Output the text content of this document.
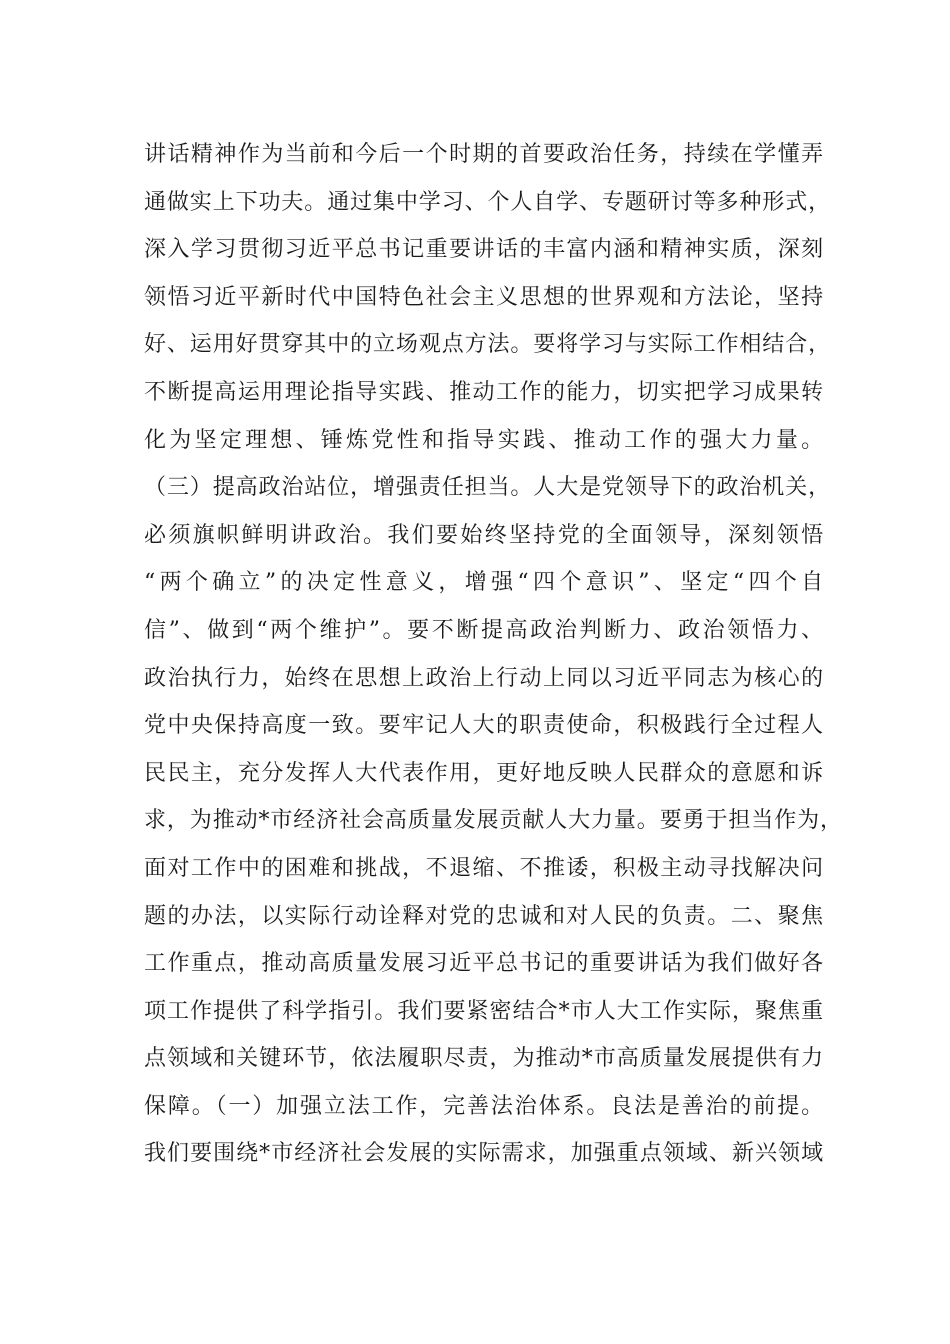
讲话精神作为当前和今后一个时期的首要政治任务，持续在学懂弄
通做实上下功夫。通过集中学习、个人自学、专题研讨等多种形式，
深入学习贯彻习近平总书记重要讲话的丰富内涵和精神实质，深刻
领悟习近平新时代中国特色社会主义思想的世界观和方法论，坚持
好、运用好贯穿其中的立场观点方法。要将学习与实际工作相结合，
不断提高运用理论指导实践、推动工作的能力，切实把学习成果转
化为坚定理想、锤炼党性和指导实践、推动工作的强大力量。
（三）提高政治站位，增强责任担当。人大是党领导下的政治机关，
必须旗帜鲜明讲政治。我们要始终坚持党的全面领导，深刻领悟
“两个确立”的决定性意义，增强“四个意识”、坚定“四个自
信”、做到“两个维护”。要不断提高政治判断力、政治领悟力、
政治执行力，始终在思想上政治上行动上同以习近平同志为核心的
党中央保持高度一致。要牢记人大的职责使命，积极践行全过程人
民民主，充分发挥人大代表作用，更好地反映人民群众的意愿和诉
求，为推动*市经济社会高质量发展贡献人大力量。要勇于担当作为，
面对工作中的困难和挑战，不退缩、不推诿，积极主动寻找解决问
题的办法，以实际行动诠释对党的忠诚和对人民的负责。二、聚焦
工作重点，推动高质量发展习近平总书记的重要讲话为我们做好各
项工作提供了科学指引。我们要紧密结合*市人大工作实际，聚焦重
点领域和关键环节，依法履职尽责，为推动*市高质量发展提供有力
保障。（一）加强立法工作，完善法治体系。良法是善治的前提。
我们要围绕*市经济社会发展的实际需求，加强重点领域、新兴领域
